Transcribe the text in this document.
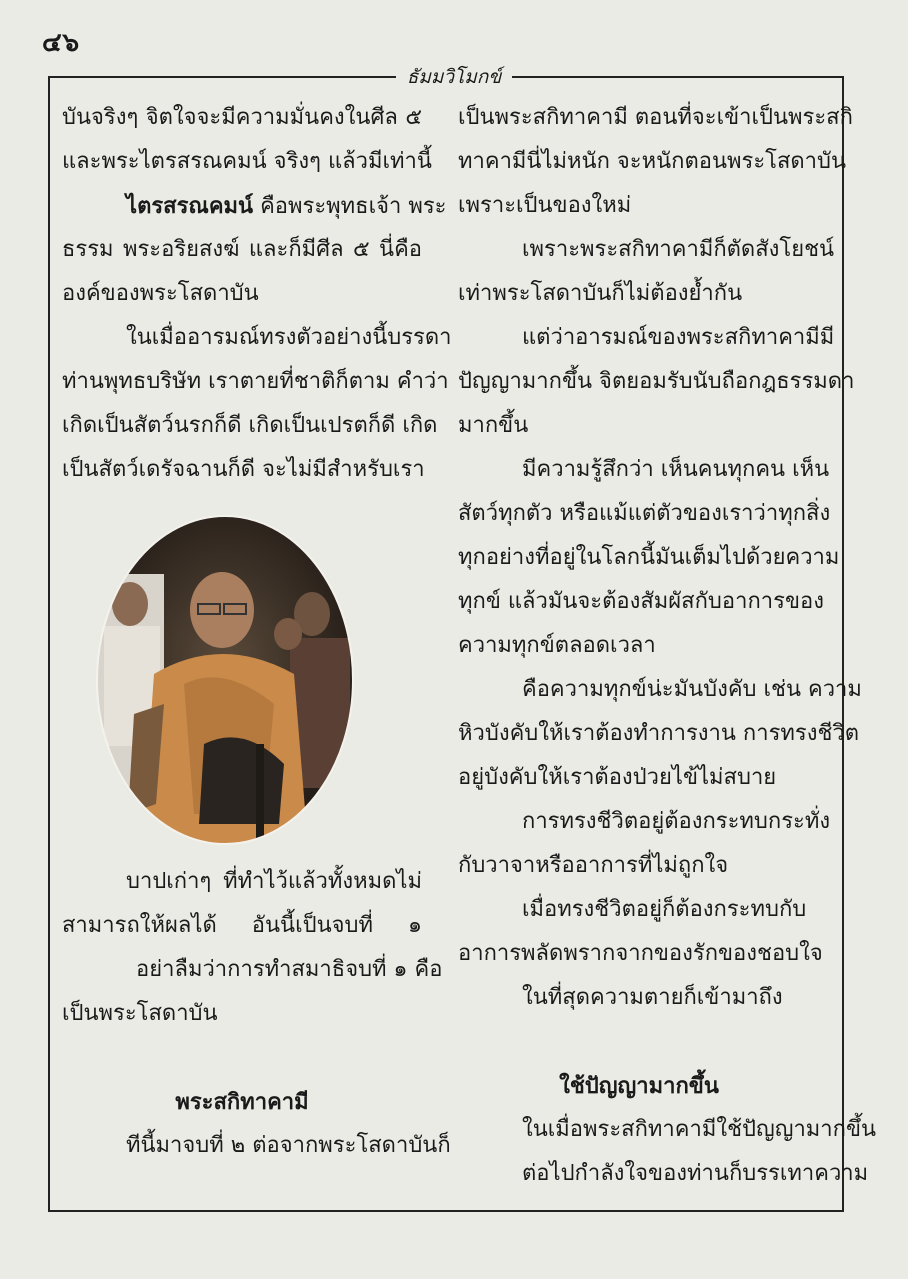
๔๖
ธัมมวิโมกข์
บันจริงๆ จิตใจจะมีความมั่นคงในศีล ๕
และพระไตรสรณคมน์ จริงๆ แล้วมีเท่านี้
ไตรสรณคมน์ คือพระพุทธเจ้า พระ
ธรรม พระอริยสงฆ์ และก็มีศีล ๕ นี่คือ
องค์ของพระโสดาบัน
ในเมื่ออารมณ์ทรงตัวอย่างนี้บรรดา
ท่านพุทธบริษัท เราตายที่ชาติก็ตาม คำว่า
เกิดเป็นสัตว์นรกก็ดี เกิดเป็นเปรตก็ดี เกิด
เป็นสัตว์เดรัจฉานก็ดี จะไม่มีสำหรับเรา
บาปเก่าๆ ที่ทำไว้แล้วทั้งหมดไม่
สามารถให้ผลได้ อันนี้เป็นจบที่ ๑
อย่าลืมว่าการทำสมาธิจบที่ ๑ คือ
เป็นพระโสดาบัน
พระสกิทาคามี
ทีนี้มาจบที่ ๒ ต่อจากพระโสดาบันก็
เป็นพระสกิทาคามี ตอนที่จะเข้าเป็นพระสกิ
ทาคามีนี่ไม่หนัก จะหนักตอนพระโสดาบัน
เพราะเป็นของใหม่
เพราะพระสกิทาคามีก็ตัดสังโยชน์
เท่าพระโสดาบันก็ไม่ต้องย้ำกัน
แต่ว่าอารมณ์ของพระสกิทาคามีมี
ปัญญามากขึ้น จิตยอมรับนับถือกฎธรรมดา
มากขึ้น
มีความรู้สึกว่า เห็นคนทุกคน เห็น
สัตว์ทุกตัว หรือแม้แต่ตัวของเราว่าทุกสิ่ง
ทุกอย่างที่อยู่ในโลกนี้มันเต็มไปด้วยความ
ทุกข์ แล้วมันจะต้องสัมผัสกับอาการของ
ความทุกข์ตลอดเวลา
คือความทุกข์น่ะมันบังคับ เช่น ความ
หิวบังคับให้เราต้องทำการงาน การทรงชีวิต
อยู่บังคับให้เราต้องป่วยไข้ไม่สบาย
การทรงชีวิตอยู่ต้องกระทบกระทั่ง
กับวาจาหรืออาการที่ไม่ถูกใจ
เมื่อทรงชีวิตอยู่ก็ต้องกระทบกับ
อาการพลัดพรากจากของรักของชอบใจ
ในที่สุดความตายก็เข้ามาถึง
ใช้ปัญญามากขึ้น
ในเมื่อพระสกิทาคามีใช้ปัญญามากขึ้น
ต่อไปกำลังใจของท่านก็บรรเทาความ
